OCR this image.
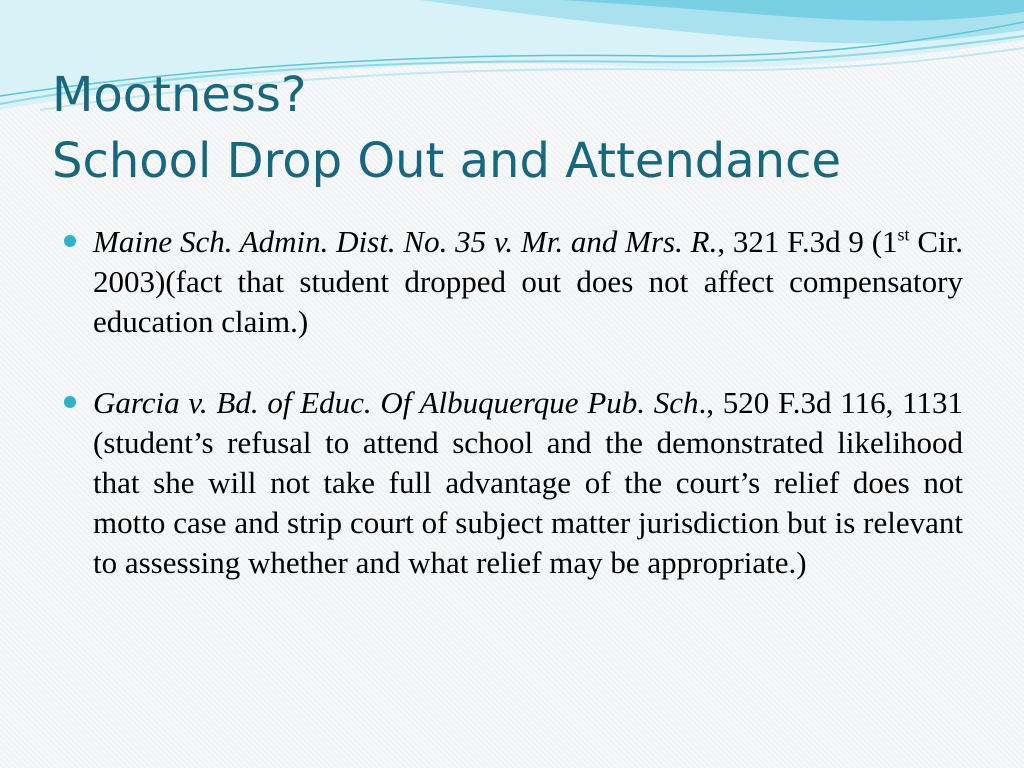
Mootness?
School Drop Out and Attendance
Maine Sch. Admin. Dist. No. 35 v. Mr. and Mrs. R., 321 F.3d 9 (1st Cir. 2003)(fact that student dropped out does not affect compensatory education claim.)
Garcia v. Bd. of Educ. Of Albuquerque Pub. Sch., 520 F.3d 116, 1131 (student’s refusal to attend school and the demonstrated likelihood that she will not take full advantage of the court’s relief does not motto case and strip court of subject matter jurisdiction but is relevant to assessing whether and what relief may be appropriate.)
